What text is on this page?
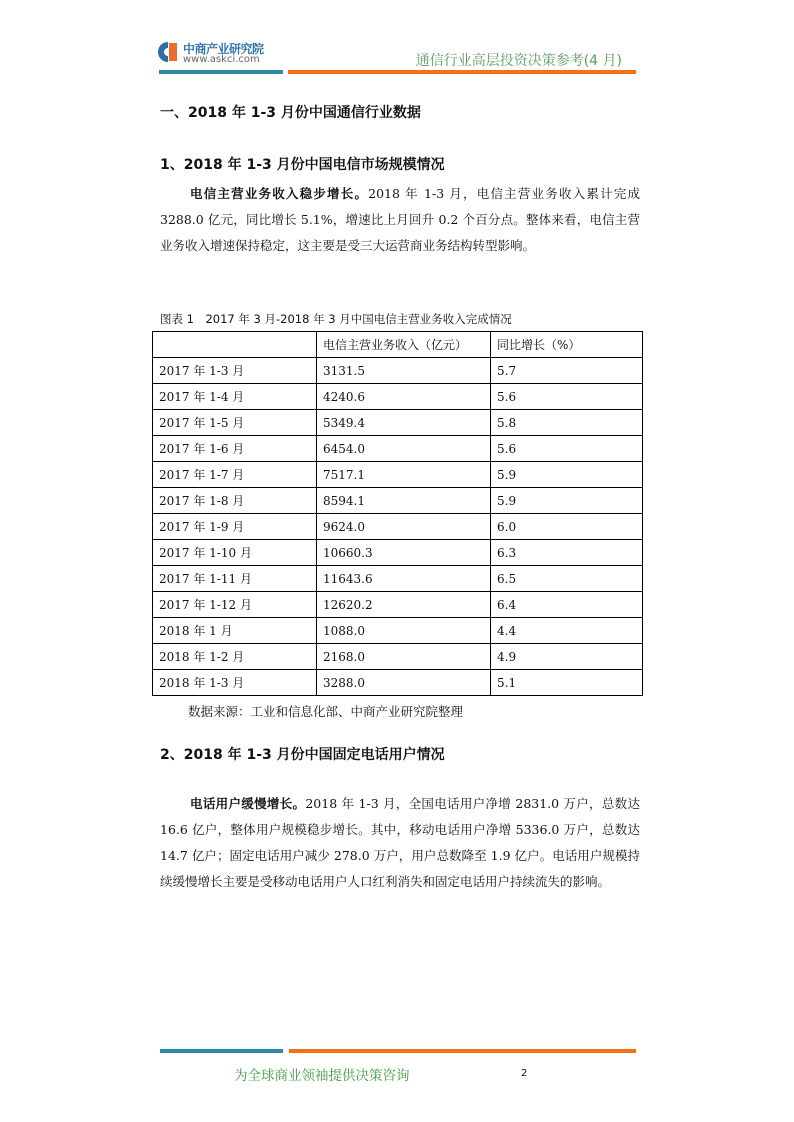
中商产业研究院
www.askci.com	通信行业高层投资决策参考(4 月)
一、2018 年 1-3 月份中国通信行业数据
1、2018 年 1-3 月份中国电信市场规模情况
电信主营业务收入稳步增长。2018 年 1-3 月，电信主营业务收入累计完成 3288.0 亿元，同比增长 5.1%，增速比上月回升 0.2 个百分点。整体来看，电信主营业务收入增速保持稳定，这主要是受三大运营商业务结构转型影响。
图表 1　2017 年 3 月-2018 年 3 月中国电信主营业务收入完成情况
	电信主营业务收入（亿元）	同比增长（%）
2017 年 1-3 月	3131.5	5.7
2017 年 1-4 月	4240.6	5.6
2017 年 1-5 月	5349.4	5.8
2017 年 1-6 月	6454.0	5.6
2017 年 1-7 月	7517.1	5.9
2017 年 1-8 月	8594.1	5.9
2017 年 1-9 月	9624.0	6.0
2017 年 1-10 月	10660.3	6.3
2017 年 1-11 月	11643.6	6.5
2017 年 1-12 月	12620.2	6.4
2018 年 1 月	1088.0	4.4
2018 年 1-2 月	2168.0	4.9
2018 年 1-3 月	3288.0	5.1
数据来源：工业和信息化部、中商产业研究院整理
2、2018 年 1-3 月份中国固定电话用户情况
电话用户缓慢增长。2018 年 1-3 月，全国电话用户净增 2831.0 万户，总数达 16.6 亿户，整体用户规模稳步增长。其中，移动电话用户净增 5336.0 万户，总数达 14.7 亿户；固定电话用户减少 278.0 万户，用户总数降至 1.9 亿户。电话用户规模持续缓慢增长主要是受移动电话用户人口红利消失和固定电话用户持续流失的影响。
为全球商业领袖提供决策咨询	2
